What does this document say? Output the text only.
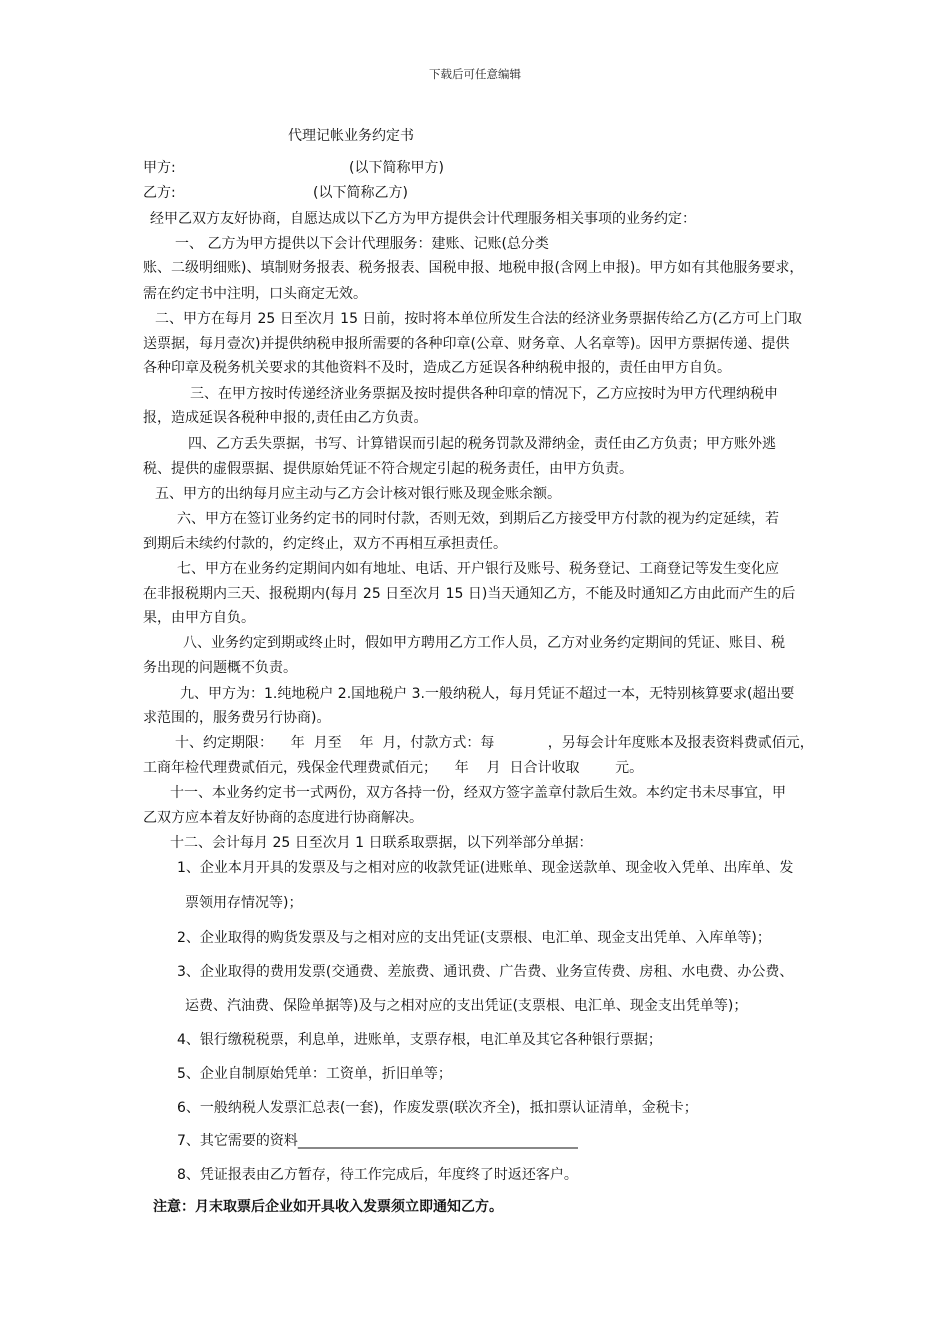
下载后可任意编辑
代理记帐业务约定书
甲方:	(以下简称甲方)
乙方:	(以下简称乙方)
经甲乙双方友好协商，自愿达成以下乙方为甲方提供会计代理服务相关事项的业务约定：
一、 乙方为甲方提供以下会计代理服务：建账、记账(总分类
账、二级明细账)、填制财务报表、税务报表、国税申报、地税申报(含网上申报)。甲方如有其他服务要求，
需在约定书中注明，口头商定无效。
二、甲方在每月 25 日至次月 15 日前，按时将本单位所发生合法的经济业务票据传给乙方(乙方可上门取
送票据，每月壹次)并提供纳税申报所需要的各种印章(公章、财务章、人名章等)。因甲方票据传递、提供
各种印章及税务机关要求的其他资料不及时，造成乙方延误各种纳税申报的，责任由甲方自负。
三、在甲方按时传递经济业务票据及按时提供各种印章的情况下，乙方应按时为甲方代理纳税申
报，造成延误各税种申报的,责任由乙方负责。
四、乙方丢失票据，书写、计算错误而引起的税务罚款及滞纳金，责任由乙方负责；甲方账外逃
税、提供的虚假票据、提供原始凭证不符合规定引起的税务责任，由甲方负责。
五、甲方的出纳每月应主动与乙方会计核对银行账及现金账余额。
六、甲方在签订业务约定书的同时付款，否则无效，到期后乙方接受甲方付款的视为约定延续，若
到期后未续约付款的，约定终止，双方不再相互承担责任。
七、甲方在业务约定期间内如有地址、电话、开户银行及账号、税务登记、工商登记等发生变化应
在非报税期内三天、报税期内(每月 25 日至次月 15 日)当天通知乙方，不能及时通知乙方由此而产生的后
果，由甲方自负。
八、业务约定到期或终止时，假如甲方聘用乙方工作人员，乙方对业务约定期间的凭证、账目、税
务出现的问题概不负责。
九、甲方为：1.纯地税户 2.国地税户 3.一般纳税人，每月凭证不超过一本，无特别核算要求(超出要
求范围的，服务费另行协商)。
十、约定期限：    年  月至    年  月，付款方式：每            ，另每会计年度账本及报表资料费贰佰元，
工商年检代理费贰佰元，残保金代理费贰佰元；    年    月  日合计收取        元。
十一、本业务约定书一式两份，双方各持一份，经双方签字盖章付款后生效。本约定书未尽事宜，甲
乙双方应本着友好协商的态度进行协商解决。
十二、会计每月 25 日至次月 1 日联系取票据，以下列举部分单据：
1、企业本月开具的发票及与之相对应的收款凭证(进账单、现金送款单、现金收入凭单、出库单、发
票领用存情况等)；
2、企业取得的购货发票及与之相对应的支出凭证(支票根、电汇单、现金支出凭单、入库单等)；
3、企业取得的费用发票(交通费、差旅费、通讯费、广告费、业务宣传费、房租、水电费、办公费、
运费、汽油费、保险单据等)及与之相对应的支出凭证(支票根、电汇单、现金支出凭单等)；
4、银行缴税税票，利息单，进账单，支票存根，电汇单及其它各种银行票据；
5、企业自制原始凭单：工资单，折旧单等；
6、一般纳税人发票汇总表(一套)，作废发票(联次齐全)，抵扣票认证清单，金税卡；
7、其它需要的资料________________________________________
8、凭证报表由乙方暂存，待工作完成后，年度终了时返还客户。
注意：月末取票后企业如开具收入发票须立即通知乙方。
